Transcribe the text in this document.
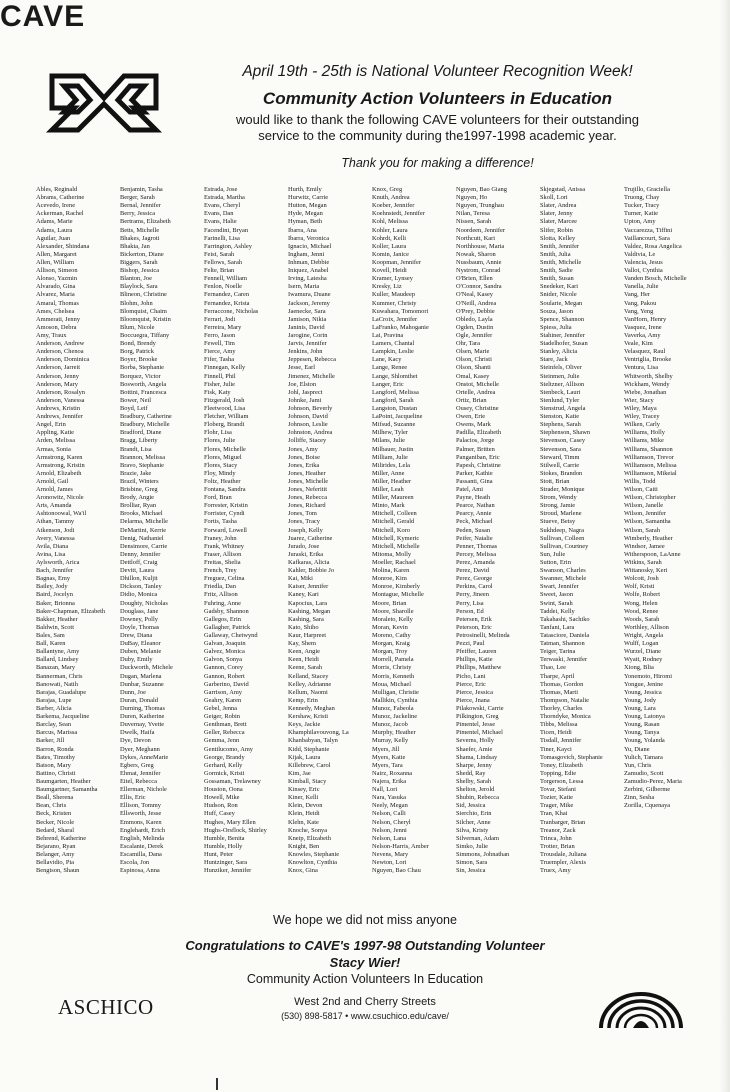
CAVE
April 19th - 25th is National Volunteer Recognition Week!
Community Action Volunteers in Education
would like to thank the following CAVE volunteers for their outstanding
service to the community during the1997-1998 academic year.
Thank you for making a difference!
Ables, Reginald
Abrams, Catherine
Acevedo, Irene
Ackerman, Rachel
Adams, Marie
Adams, Laura
Aguilar, Juan
Alexander, Shindana
Allen, Margaret
Allen, William
Allison, Simeon
Alonso, Yazmin
Alvarado, Gina
Alvarez, Maria
Amaral, Thomas
Ames, Chelsea
Ammerati, Jenny
Amoson, Debra
Amy, Traux
Anderson, Andrew
Anderson, Chenoa
Anderson, Dominica
Anderson, Jarreit
Anderson, Jenny
Anderson, Mary
Anderson, Rosalyn
Anderson, Vanessa
Andrews, Kristin
Andrews, Jennifer
Angel, Erin
Appling, Katie
Arden, Melissa
Armas, Sonia
Armstrong, Karen
Armstrong, Kristin
Arnold, Elizabeth
Arnold, Gail
Arnold, James
Aronowitz, Nicole
Arts, Amanda
Ashtonoowal, Wa'il
Athan, Tammy
Atkenson, Jodi
Avery, Vanessa
Avila, Diana
Avina, Lisa
Aylsworth, Arica
Bach, Jennifer
Bagnas, Emy
Bailey, Jody
Baird, Jocelyn
Baker, Brionna
Baker-Chapman, Elizabeth
Bakker, Heather
Baldwin, Scott
Bales, Sam
Ball, Karen
Ballantyne, Amy
Ballard, Lindsey
Banazan, Mary
Bannerman, Chris
Banowati, Natih
Barajas, Guadalupe
Barajas, Lupe
Barber, Alicia
Barkema, Jacqueline
Barclay, Sean
Barcus, Marissa
Barker, Jill
Barron, Ronda
Bates, Timothy
Batson, Mary
Battino, Christi
Baumgarten, Heather
Baumgartner, Samantha
Beall, Sherena
Bean, Chris
Beck, Kristen
Becker, Nicole
Bedard, Sharal
Behrend, Katherine
Bejarano, Ryan
Belanger, Amy
Bellavidio, Pia
Bengtson, Shaun
Benjamin, Tasha
Berger, Sarah
Bernal, Jennifer
Berry, Jessica
Bertrams, Elizabeth
Betts, Michelle
Bhakes, Jagroti
Bhakta, Jan
Bickerton, Diane
Biggers, Sarah
Bishop, Jessica
Blanton, Joe
Blaylock, Sara
Blineon, Christine
Blohm, John
Blomquist, Chaim
Bloomquist, Kristin
Blum, Nicole
Boccuegra, Tiffany
Bond, Brendy
Borg, Patrick
Boyer, Brooke
Borba, Stephanie
Borquez, Victor
Bosworth, Angela
Bottini, Francesca
Bower, Neil
Boyd, Leif
Bradbury, Catherine
Bradbury, Michelle
Bradford, Diane
Bragg, Liberty
Brandt, Lisa
Brannon, Melissa
Bravo, Stephanie
Brazie, Jake
Brazil, Winters
Brisbine, Greg
Brody, Angie
Brolliar, Ryan
Brooks, Michael
Delarma, Michelle
DeMartini, Kerrie
Denig, Nathaniel
Densimore, Carrie
Denny, Jennifer
Dettloff, Craig
Devitt, Laura
Dhillon, Kuljit
Dickson, Tanley
Didio, Monica
Doughty, Nicholas
Douglass, Jane
Downey, Polly
Doyle, Thomas
Drew, Diana
DuBay, Eleanor
Duben, Melanie
Duby, Emily
Duckworth, Michele
Dugan, Marlena
Dunbar, Suzanne
Dunn, Joe
Duran, Donald
Durning, Thomas
Duren, Katherine
Duvernay, Yvette
Dwelk, Haifa
Dye, Devon
Dyer, Meghann
Dykes, AnneMarie
Egbers, Greg
Ehmat, Jennifer
Eitel, Rebecca
Ellerman, Nichole
Ellis, Eric
Ellison, Tommy
Ellsworth, Jesse
Emmons, Karen
Englehardt, Erich
English, Melinda
Escalante, Derek
Escamilla, Dana
Escola, Jon
Espinosa, Anna
Estrada, Jose
Estrada, Martha
Evans, Cheryl
Evans, Dan
Evans, Halie
Facendini, Bryan
Farinelli, Lisa
Farrington, Ashley
Feist, Sarah
Fellows, Sarah
Felte, Brian
Fennell, William
Fenlon, Noelle
Fernandez, Caren
Fernandez, Krista
Ferraccone, Nicholas
Ferrari, Jodi
Ferreira, Mary
Ferro, Jason
Fewell, Tim
Fierce, Amy
Fifer, Tasha
Finnegan, Kelly
Finnell, Phil
Fisher, Julie
Fisk, Katy
Fitzgerald, Josh
Fleetwood, Lisa
Fletcher, William
Floberg, Brandi
Flohr, Lisa
Flores, Julie
Flores, Michelle
Flores, Miguel
Flores, Stacy
Floy, Mindy
Foltz, Heather
Fontana, Sandra
Ford, Bran
Forrester, Kristin
Forrister, Cyndi
Fortis, Tasha
Forward, Lowell
Franey, John
Frank, Whitney
Fraser, Allison
Freitas, Shelia
French, Trey
Freguez, Celina
Friedla, Dan
Fritz, Allison
Fuhring, Anne
Gadsby, Shannon
Gallegos, Erin
Gallagher, Patrick
Gallaway, Chetwynd
Galvan, Joaquin
Galvez, Monica
Galvon, Sonya
Gannon, Corey
Gannon, Robert
Garberino, David
Garrison, Amy
Geahry, Karen
Gebel, Jenna
Geiger, Robin
Genthman, Brett
Geller, Rebecca
Gemma, Jenn
Gentilucomo, Amy
George, Brandy
Gerhard, Kelly
Gormick, Kristi
Gossaman, Trelawney
Houston, Oona
Howell, Mike
Hudson, Ron
Huff, Casey
Hughes, Mary Ellen
Hughs-Orsflock, Shirley
Humble, Benita
Humble, Holly
Hunt, Peter
Huntzinger, Sara
Hunziker, Jennifer
Hurth, Emily
Hurwitz, Carrie
Hutton, Megan
Hyde, Megan
Hyman, Beth
Ibarra, Ana
Ibarra, Veronica
Ignacio, Michael
Ingham, Jenni
Inhman, Debbie
Iniquez, Anabel
Irving, Latesha
Isern, Maria
Iwamura, Duane
Jackson, Jeremy
Jaenecke, Sara
Jamison, Nikia
Janinis, David
Jarogine, Corin
Jarvis, Jennifer
Jenkins, John
Jeppesen, Rebecca
Jesse, Earl
Jimenez, Michelle
Joe, Elston
Johl, Jasprect
Johnke, Jami
Johnson, Beverly
Johnson, David
Johnson, Leslie
Johnston, Andrea
Jolliffe, Stacey
Jones, Amy
Jones, Boise
Jones, Erika
Jones, Heather
Jones, Michelle
Jones, Neferitit
Jones, Rebecca
Jones, Richard
Jones, Tom
Jones, Tracy
Joseph, Kelly
Juarez, Catherine
Jurado, Jose
Juraski, Erika
Kafkaras, Alicia
Kahler, Bobbie Jo
Kai, Miki
Kaiser, Jennifer
Kaney, Kari
Kapocius, Lara
Kashing, Megan
Kashing, Sara
Kato, Shiho
Kaur, Harpreet
Kay, Shem
Keen, Angie
Keen, Heidi
Keene, Sarah
Kelland, Stacey
Kelley, Adrianne
Kellum, Naomi
Kemp, Erin
Kennedy, Meghan
Kershaw, Kristi
Keys, Jackie
Khamphilavouvong, La
Khanbabyan, Talyn
Kidd, Stephanie
Kijak, Laura
Killebrew, Carol
Kim, Jae
Kimball, Stacy
Kinsey, Eric
Kiner, Kelli
Klein, Devon
Klein, Heidi
Klehn, Kate
Knoche, Sonya
Kneip, Elizabeth
Knight, Ben
Knowles, Stephanie
Knowlton, Cynthia
Knox, Gina
Knox, Greg
Knuth, Andrea
Koeber, Jennifer
Koehnstedt, Jennifer
Kohl, Melissa
Kohler, Laura
Kohrdt, Kelli
Koller, Laura
Komin, Janice
Koopman, Jennifer
Kovell, Heidi
Kramer, Lynsey
Kresky, Liz
Kuller, Maudeep
Kummer, Christy
Kuwahara, Tomomori
LaCroix, Jennifer
LaFranko, Mahoganie
Lai, Pravina
Lamers, Chantal
Lampkin, Leslie
Lane, Kacy
Lange, Renee
Lange, Shlomthet
Langer, Eric
Langford, Melissa
Langford, Sarah
Langston, Dustan
LaPoint, Jacqueline
Mifsud, Suzanne
Milhew, Tyler
Milans, Julie
Milbauer, Justin
Milliam, Julie
Milirides, Lela
Miller, Anne
Miller, Heather
Miller, Leah
Miller, Maureen
Minto, Mark
Mitchell, Colleen
Mitchell, Gerald
Mitchell, Koro
Mitchell, Kymeric
Mitchell, Michelle
Mitoma, Molly
Moeller, Rachael
Molina, Karen
Monroe, Kim
Monroe, Kimberly
Montague, Michelle
Moore, Brian
Moore, Sharolle
Moraleto, Kelly
Moran, Kevin
Moreno, Cathy
Morgan, Kraig
Morgan, Troy
Morrell, Pamela
Morris, Christy
Morris, Kenneth
Moua, Michael
Mulligan, Christie
Mallikin, Cynthia
Munoz, Fabeola
Munoz, Jackeline
Munoz, Jacob
Murphy, Heather
Murray, Kelly
Myers, Jill
Myers, Katie
Myers, Tara
Nairz, Roxanna
Najera, Erika
Nall, Lori
Nara, Yasuka
Neely, Megan
Nelson, Calli
Nelson, Cheryl
Nelson, Jenni
Nelson, Lana
Nelson-Harris, Amber
Nevens, Mary
Newton, Lori
Nguyen, Bao Chau
Nguyen, Bao Giang
Nguyen, Ho
Nguyen, Trunghau
Nilan, Teresa
Nissen, Sarah
Noordeen, Jennifer
Northcutt, Kari
Northhouse, Maria
Nowak, Sharon
Nussbaum, Annie
Nystrom, Conrad
O'Brien, Ellen
O'Connor, Sandra
O'Neal, Kasey
O'Neill, Andrea
O'Prey, Debbie
Obledo, Layla
Ogden, Dustin
Ogle, Jennifer
Ohr, Tara
Olsen, Marie
Olson, Christi
Olson, Shanti
Omal, Kasey
Onstot, Michelle
Ortelle, Andrea
Ortiz, Brian
Ousey, Christine
Owen, Erie
Owens, Mark
Padilla, Elizabeth
Palacios, Jorge
Palmer, Britten
Panganiban, Eric
Papesh, Christine
Parker, Kathie
Passanti, Gina
Patel, Ami
Payne, Heath
Pearce, Nathan
Pearcy, Annie
Peck, Michael
Peden, Susan
Peifer, Natalie
Penner, Thomas
Percey, Melissa
Perez, Amanda
Perez, David
Perez, George
Perkins, Carol
Perry, Jineen
Perry, Lisa
Person, Ed
Petersen, Erik
Peterson, Eric
Petrosinelli, Melinda
Pezzi, Paul
Pfeiffer, Lauren
Phillips, Katie
Phillips, Matthew
Picho, Lani
Pierce, Eric
Pierce, Jessica
Pierce, Jnana
Pilakowski, Carrie
Pilkington, Greg
Pimentel, Jesse
Pimentel, Michael
Severns, Holly
Shaefer, Amie
Shama, Lindsay
Sharpe, Jenny
Shedd, Ray
Shelby, Sarah
Shelton, Jerold
Shubin, Rebecca
Sid, Jessica
Sierchio, Erin
Silcher, Anne
Silva, Kristy
Silvernan, Adam
Simko, Julie
Simmons, Johnathan
Simon, Sara
Sin, Jessica
Skjegstad, Anissa
Skoll, Lori
Slater, Andrea
Slater, Jenny
Slater, Marcee
Slifer, Robin
Slotta, Kelley
Smith, Jennifer
Smith, Julia
Smith, Michelle
Smith, Sadie
Smith, Susan
Snedeker, Kari
Snider, Nicole
Soularie, Megan
Souza, Jason
Spence, Shannon
Spiess, Julia
Stahiner, Jennifer
Stadelhofer, Susan
Stanley, Alicia
Stare, Jack
Steinfels, Oliver
Steinmen, Julie
Steltzner, Allison
Stenbeck, Lauri
Stenlund, Tyler
Stenstrud, Angela
Stenston, Katie
Stephens, Sarah
Stephenson, Shawn
Stevenson, Casey
Stevenson, Sara
Steward, Timm
Stilwell, Carrie
Stokes, Brandon
Stott, Brian
Strader, Monique
Strom, Wendy
Strong, Jamie
Stroud, Marlene
Stueve, Betsy
Sukhdeep, Nagra
Sullivan, Colleen
Sullivan, Courtney
Sun, Julie
Sutton, Erin
Swanson, Charles
Swanner, Michele
Swart, Jennifer
Sweet, Jason
Swint, Sarah
Taddei, Kelly
Takahashi, Sachiko
Tanfani, Lara
Tatasciore, Daniela
Tatman, Shannon
Teiger, Tarina
Terwaski, Jennifer
Thao, Lee
Tharpe, April
Thomas, Gordon
Thomas, Marti
Thompson, Natalie
Thorley, Charles
Thorndyke, Monica
Tibbs, Melissa
Ticen, Heidi
Tisdall, Jennifer
Tiner, Kayci
Tomasgovich, Stephanie
Toney, Elizabeth
Topping, Edie
Torgerson, Lessa
Tovar, Stefani
Tozier, Katie
Trager, Mike
Tran, Khai
Tranbarger, Brian
Treanor, Zack
Trinca, John
Trotter, Brian
Trousdale, Juliana
Truempler, Alexis
Truex, Amy
Trujillo, Graciella
Truong, Chay
Tucker, Tracy
Turner, Katie
Upton, Amy
Vaccarezza, Tiffini
Vaillancourt, Sara
Valdez, Rosa Angelica
Valdivia, Le
Valencia, Jesus
Vallot, Cynthia
Vanden Bosch, Michelle
Vanella, Julie
Vang, Her
Vang, Pakou
Vang, Yeng
VanHorn, Henry
Vasquez, Irene
Vaverka, Amy
Veale, Kim
Velasquez, Raul
Ventriglia, Brooke
Ventura, Lisa
Whitworth, Shelby
Wickham, Wendy
Wiebe, Jonathan
Wier, Stacy
Wiley, Maya
Wiley, Tracey
Wilken, Carly
Williams, Holly
Williams, Mike
Williams, Shannon
Williamson, Trevor
Williamson, Melissa
Williamson, Mikeial
Willis, Todd
Wilson, Caiti
Wilson, Christopher
Wilson, Janelle
Wilson, Jennifer
Wilson, Samantha
Wilson, Sarah
Wimberly, Heather
Windsor, Jamee
Witherspoon, LaAnne
Witkins, Sarah
Wittanosky, Keri
Wolcott, Josh
Wolf, Kristi
Wolfe, Robert
Wong, Helen
Wood, Renee
Woods, Sarah
Worthley, Allison
Wright, Angela
Wulff, Logan
Wurzel, Diane
Wyatt, Rodney
Xiong, Blia
Yonemoto, Hiromi
Yongue, Jenine
Young, Jessica
Young, Jody
Young, Lara
Young, Latonya
Young, Rasan
Young, Tanya
Young, Yolanda
Yu, Diane
Yulich, Tamara
Yun, Chris
Zamudio, Scott
Zamudio-Perez, Maria
Zerbini, Gilberme
Zinn, Sesha
Zorilla, Cquenaya
We hope we did not miss anyone
Congratulations to CAVE's 1997-98 Outstanding Volunteer
Stacy Wier!
Community Action Volunteers In Education
West 2nd and Cherry Streets
(530) 898-5817 • www.csuchico.edu/cave/
ASCHICO
